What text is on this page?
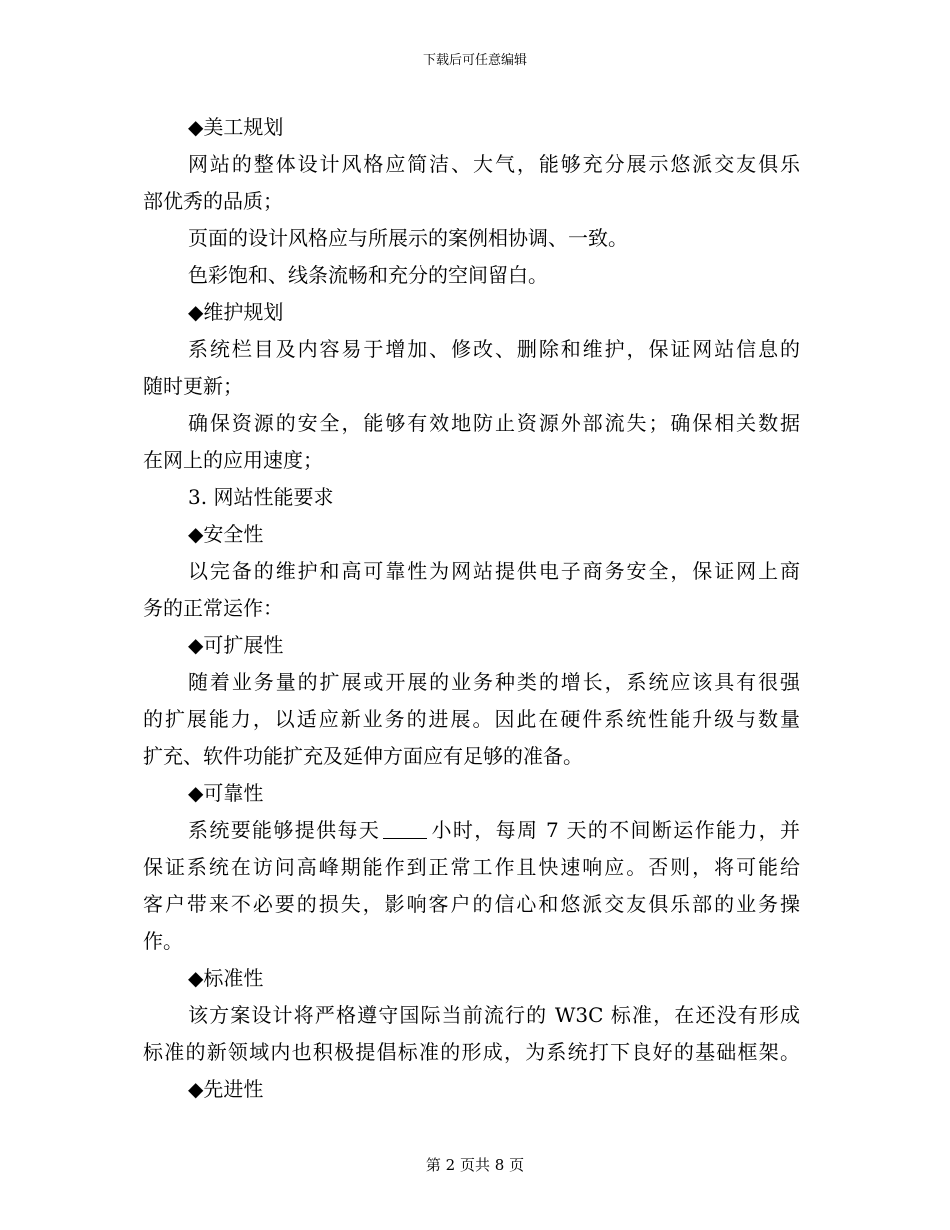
下载后可任意编辑
◆美工规划
网站的整体设计风格应简洁、大气，能够充分展示悠派交友俱乐
部优秀的品质；
页面的设计风格应与所展示的案例相协调、一致。
色彩饱和、线条流畅和充分的空间留白。
◆维护规划
系统栏目及内容易于增加、修改、删除和维护，保证网站信息的
随时更新；
确保资源的安全，能够有效地防止资源外部流失；确保相关数据
在网上的应用速度；
3. 网站性能要求
◆安全性
以完备的维护和高可靠性为网站提供电子商务安全，保证网上商
务的正常运作：
◆可扩展性
随着业务量的扩展或开展的业务种类的增长，系统应该具有很强
的扩展能力，以适应新业务的进展。因此在硬件系统性能升级与数量
扩充、软件功能扩充及延伸方面应有足够的准备。
◆可靠性
系统要能够提供每天	小时，每周 7 天的不间断运作能力，并
保证系统在访问高峰期能作到正常工作且快速响应。否则，将可能给
客户带来不必要的损失，影响客户的信心和悠派交友俱乐部的业务操
作。
◆标准性
该方案设计将严格遵守国际当前流行的 W3C 标准，在还没有形成
标准的新领域内也积极提倡标准的形成，为系统打下良好的基础框架。
◆先进性
第 2 页共 8 页
